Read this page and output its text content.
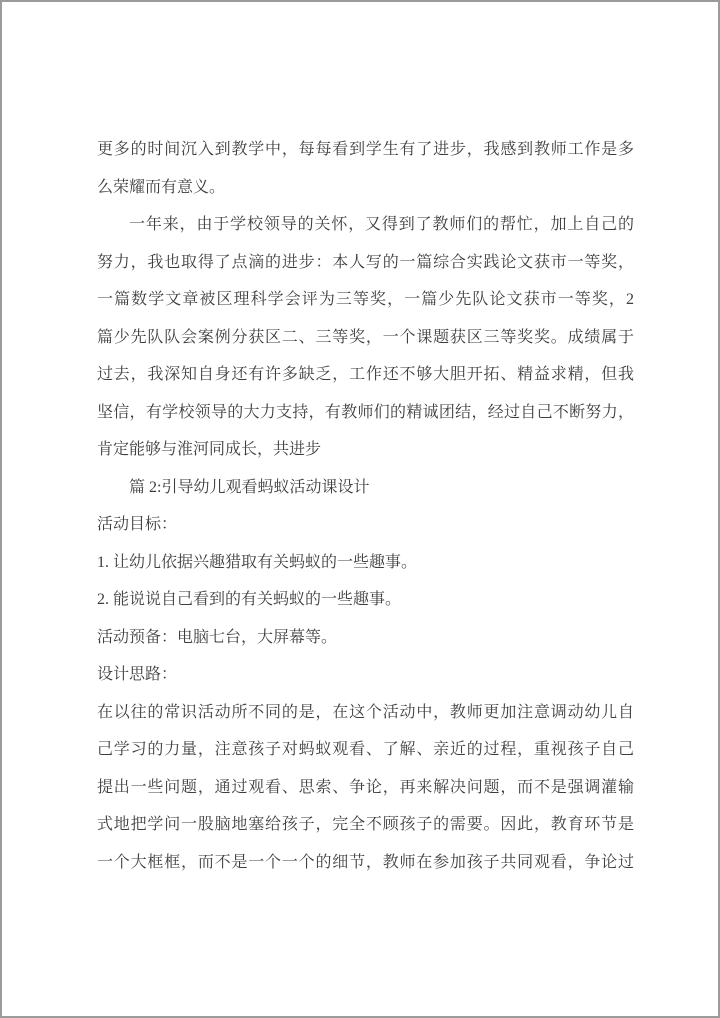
更多的时间沉入到教学中，每每看到学生有了进步，我感到教师工作是多
么荣耀而有意义。
一年来，由于学校领导的关怀，又得到了教师们的帮忙，加上自己的
努力，我也取得了点滴的进步：本人写的一篇综合实践论文获市一等奖，
一篇数学文章被区理科学会评为三等奖，一篇少先队论文获市一等奖，2
篇少先队队会案例分获区二、三等奖，一个课题获区三等奖奖。成绩属于
过去，我深知自身还有许多缺乏，工作还不够大胆开拓、精益求精，但我
坚信，有学校领导的大力支持，有教师们的精诚团结，经过自己不断努力，
肯定能够与淮河同成长，共进步
篇 2:引导幼儿观看蚂蚁活动课设计
活动目标：
1. 让幼儿依据兴趣猎取有关蚂蚁的一些趣事。
2. 能说说自己看到的有关蚂蚁的一些趣事。
活动预备：电脑七台，大屏幕等。
设计思路：
在以往的常识活动所不同的是，在这个活动中，教师更加注意调动幼儿自
己学习的力量，注意孩子对蚂蚁观看、了解、亲近的过程，重视孩子自己
提出一些问题，通过观看、思索、争论，再来解决问题，而不是强调灌输
式地把学问一股脑地塞给孩子，完全不顾孩子的需要。因此，教育环节是
一个大框框，而不是一个一个的细节，教师在参加孩子共同观看，争论过
